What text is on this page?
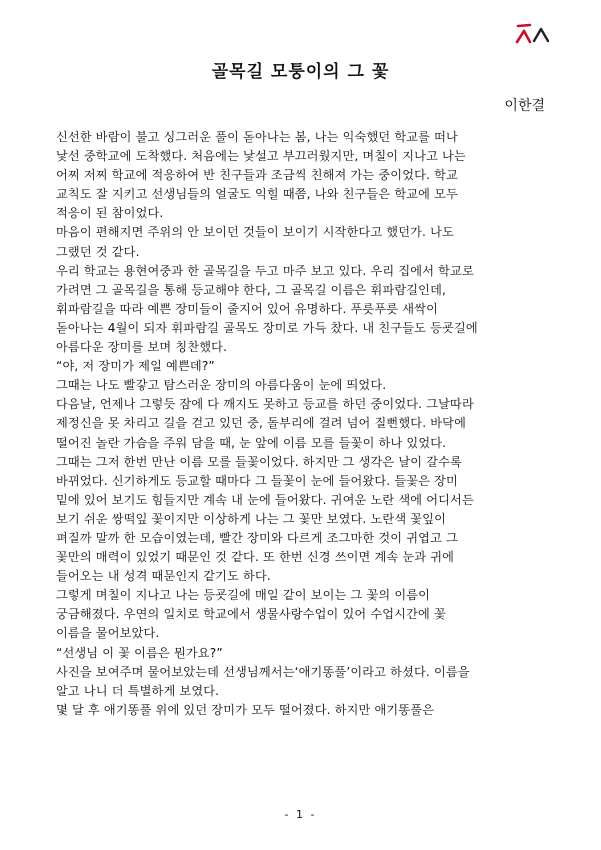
골목길 모퉁이의 그 꽃
이한결
신선한 바람이 불고 싱그러운 풀이 돋아나는 봄, 나는 익숙했던 학교를 떠나
낯선 중학교에 도착했다. 처음에는 낯설고 부끄러웠지만, 며칠이 지나고 나는
어찌 저찌 학교에 적응하여 반 친구들과 조금씩 친해져 가는 중이었다. 학교
교칙도 잘 지키고 선생님들의 얼굴도 익힐 때쯤, 나와 친구들은 학교에 모두
적응이 된 참이었다.
마음이 편해지면 주위의 안 보이던 것들이 보이기 시작한다고 했던가. 나도
그랬던 것 같다.
우리 학교는 용현여중과 한 골목길을 두고 마주 보고 있다. 우리 집에서 학교로
가려면 그 골목길을 통해 등교해야 한다, 그 골목길 이름은 휘파람길인데,
휘파람길을 따라 예쁜 장미들이 줄지어 있어 유명하다. 푸릇푸릇 새싹이
돋아나는 4월이 되자 휘파람길 골목도 장미로 가득 찼다. 내 친구들도 등굣길에
아름다운 장미를 보며 칭찬했다.
“야, 저 장미가 제일 예쁜데?”
그때는 나도 빨갛고 탐스러운 장미의 아름다움이 눈에 띄었다.
다음날, 언제나 그렇듯 잠에 다 깨지도 못하고 등교를 하던 중이었다. 그날따라
제정신을 못 차리고 길을 걷고 있던 중, 돌부리에 걸려 넘어 질뻔했다. 바닥에
떨어진 놀란 가슴을 주워 담을 때, 눈 앞에 이름 모를 들꽃이 하나 있었다.
그때는 그저 한번 만난 이름 모를 들꽃이었다. 하지만 그 생각은 날이 갈수록
바뀌었다. 신기하게도 등교할 때마다 그 들꽃이 눈에 들어왔다. 들꽃은 장미
밑에 있어 보기도 힘들지만 계속 내 눈에 들어왔다. 귀여운 노란 색에 어디서든
보기 쉬운 쌍떡잎 꽃이지만 이상하게 나는 그 꽃만 보였다. 노란색 꽃잎이
펴질까 말까 한 모습이였는데, 빨간 장미와 다르게 조그마한 것이 귀엽고 그
꽃만의 매력이 있었기 때문인 것 같다. 또 한번 신경 쓰이면 계속 눈과 귀에
들어오는 내 성격 때문인지 같기도 하다.
그렇게 며칠이 지나고 나는 등굣길에 매일 같이 보이는 그 꽃의 이름이
궁금해졌다. 우연의 일치로 학교에서 생물사랑수업이 있어 수업시간에 꽃
이름을 물어보았다.
“선생님 이 꽃 이름은 뭔가요?”
사진을 보여주며 물어보았는데 선생님께서는‘애기똥풀’이라고 하셨다. 이름을
알고 나니 더 특별하게 보였다.
몇 달 후 애기똥풀 위에 있던 장미가 모두 떨어졌다. 하지만 애기똥풀은
- 1 -
